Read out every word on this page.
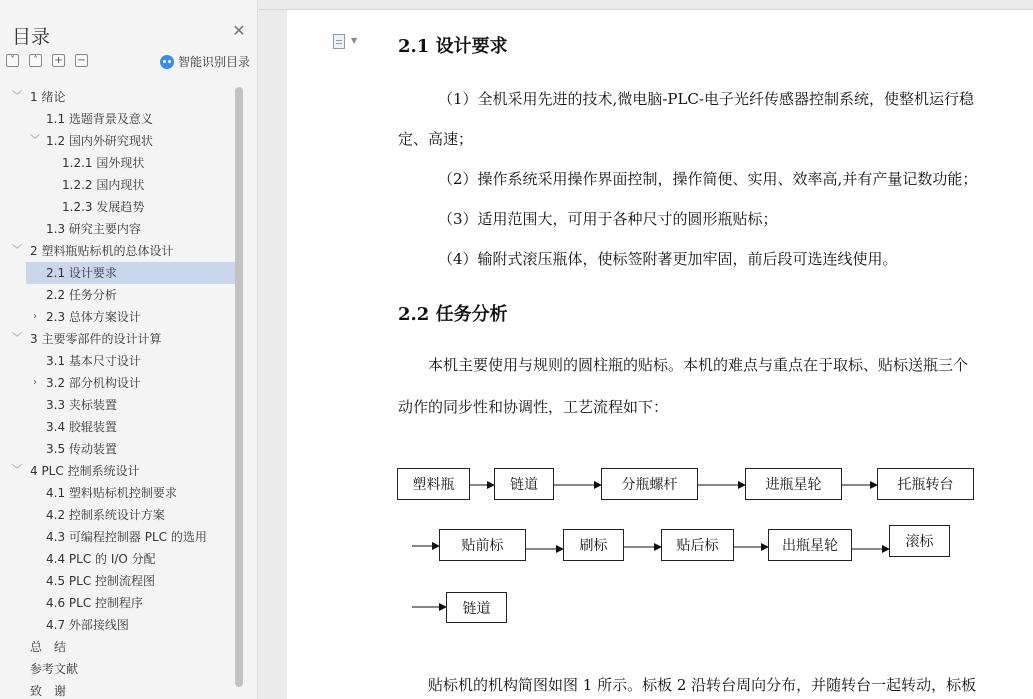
目录	✕
˅	˄	+ −	智能识别目录
﹀ 1 绪论
1.1 选题背景及意义
﹀ 1.2 国内外研究现状
1.2.1 国外现状
1.2.2 国内现状
1.2.3 发展趋势
1.3 研究主要内容
﹀ 2 塑料瓶贴标机的总体设计
2.1 设计要求
2.2 任务分析
› 2.3 总体方案设计
﹀ 3 主要零部件的设计计算
3.1 基本尺寸设计
› 3.2 部分机构设计
3.3 夹标装置
3.4 胶辊装置
3.5 传动装置
﹀ 4 PLC 控制系统设计
4.1 塑料贴标机控制要求
4.2 控制系统设计方案
4.3 可编程控制器 PLC 的选用
4.4 PLC 的 I/O 分配
4.5 PLC 控制流程图
4.6 PLC 控制程序
4.7 外部接线图
总　结
参考文献
致　谢
▼ 2.1 设计要求
（1）全机采用先进的技术,微电脑-PLC-电子光纤传感器控制系统，使整机运行稳
定、高速；
（2）操作系统采用操作界面控制，操作简便、实用、效率高,并有产量记数功能；
（3）适用范围大，可用于各种尺寸的圆形瓶贴标；
（4）输附式滚压瓶体，使标签附著更加牢固，前后段可选连线使用。
2.2 任务分析
本机主要使用与规则的圆柱瓶的贴标。本机的难点与重点在于取标、贴标送瓶三个
动作的同步性和协调性，工艺流程如下：
塑料瓶	链道	分瓶螺杆	进瓶星轮	托瓶转台
贴前标	刷标	贴后标	出瓶星轮	滚标
链道
贴标机的机构简图如图 1 所示。标板 2 沿转台周向分布，并随转台一起转动，标板
